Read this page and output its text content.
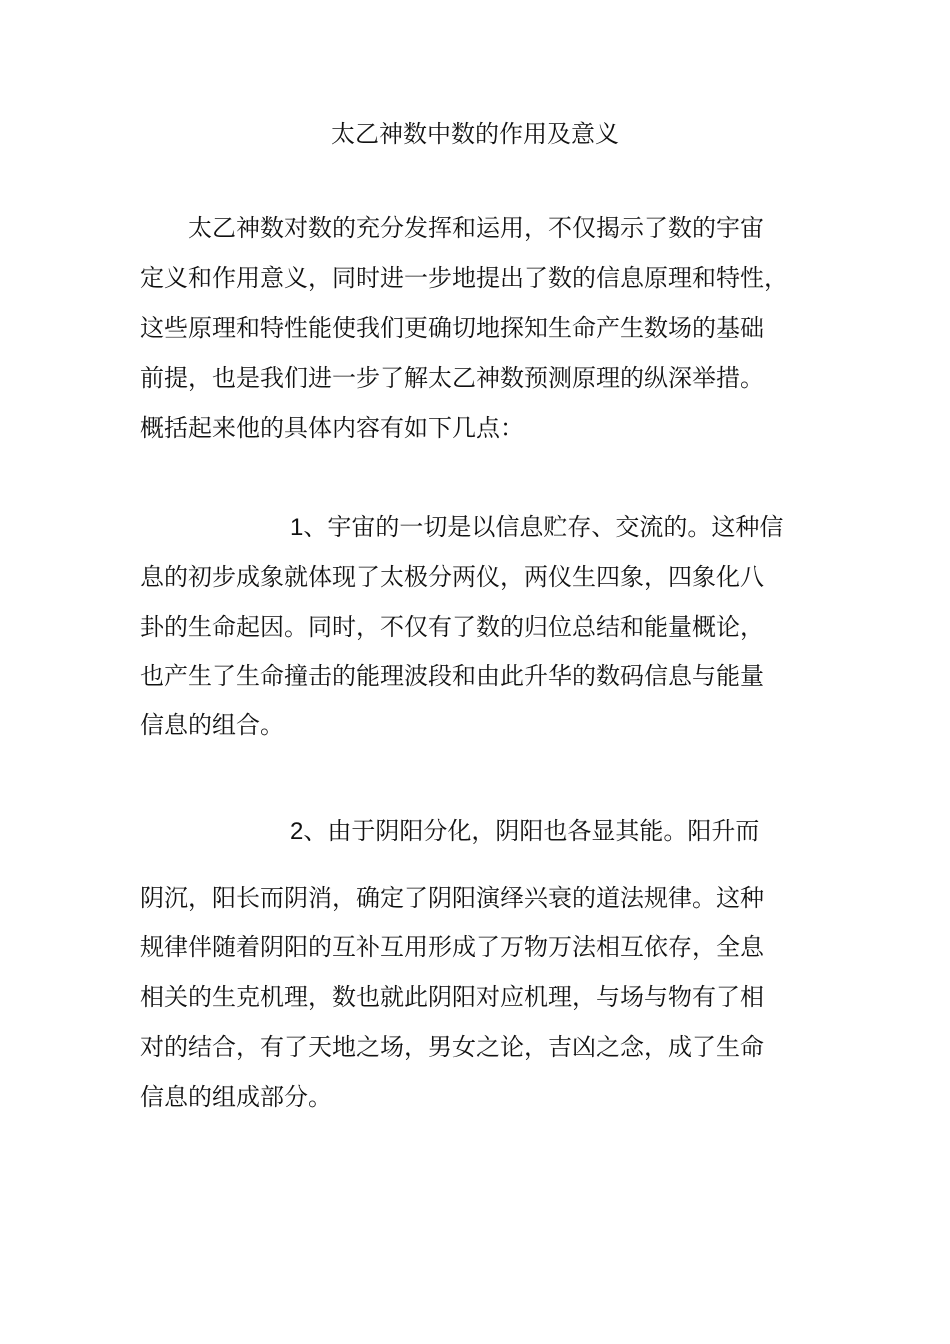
太乙神数中数的作用及意义
太乙神数对数的充分发挥和运用，不仅揭示了数的宇宙
定义和作用意义，同时进一步地提出了数的信息原理和特性，
这些原理和特性能使我们更确切地探知生命产生数场的基础
前提，也是我们进一步了解太乙神数预测原理的纵深举措。
概括起来他的具体内容有如下几点：
1、宇宙的一切是以信息贮存、交流的。这种信
息的初步成象就体现了太极分两仪，两仪生四象，四象化八
卦的生命起因。同时，不仅有了数的归位总结和能量概论，
也产生了生命撞击的能理波段和由此升华的数码信息与能量
信息的组合。
2、由于阴阳分化，阴阳也各显其能。阳升而
阴沉，阳长而阴消，确定了阴阳演绎兴衰的道法规律。这种
规律伴随着阴阳的互补互用形成了万物万法相互依存，全息
相关的生克机理，数也就此阴阳对应机理，与场与物有了相
对的结合，有了天地之场，男女之论，吉凶之念，成了生命
信息的组成部分。
